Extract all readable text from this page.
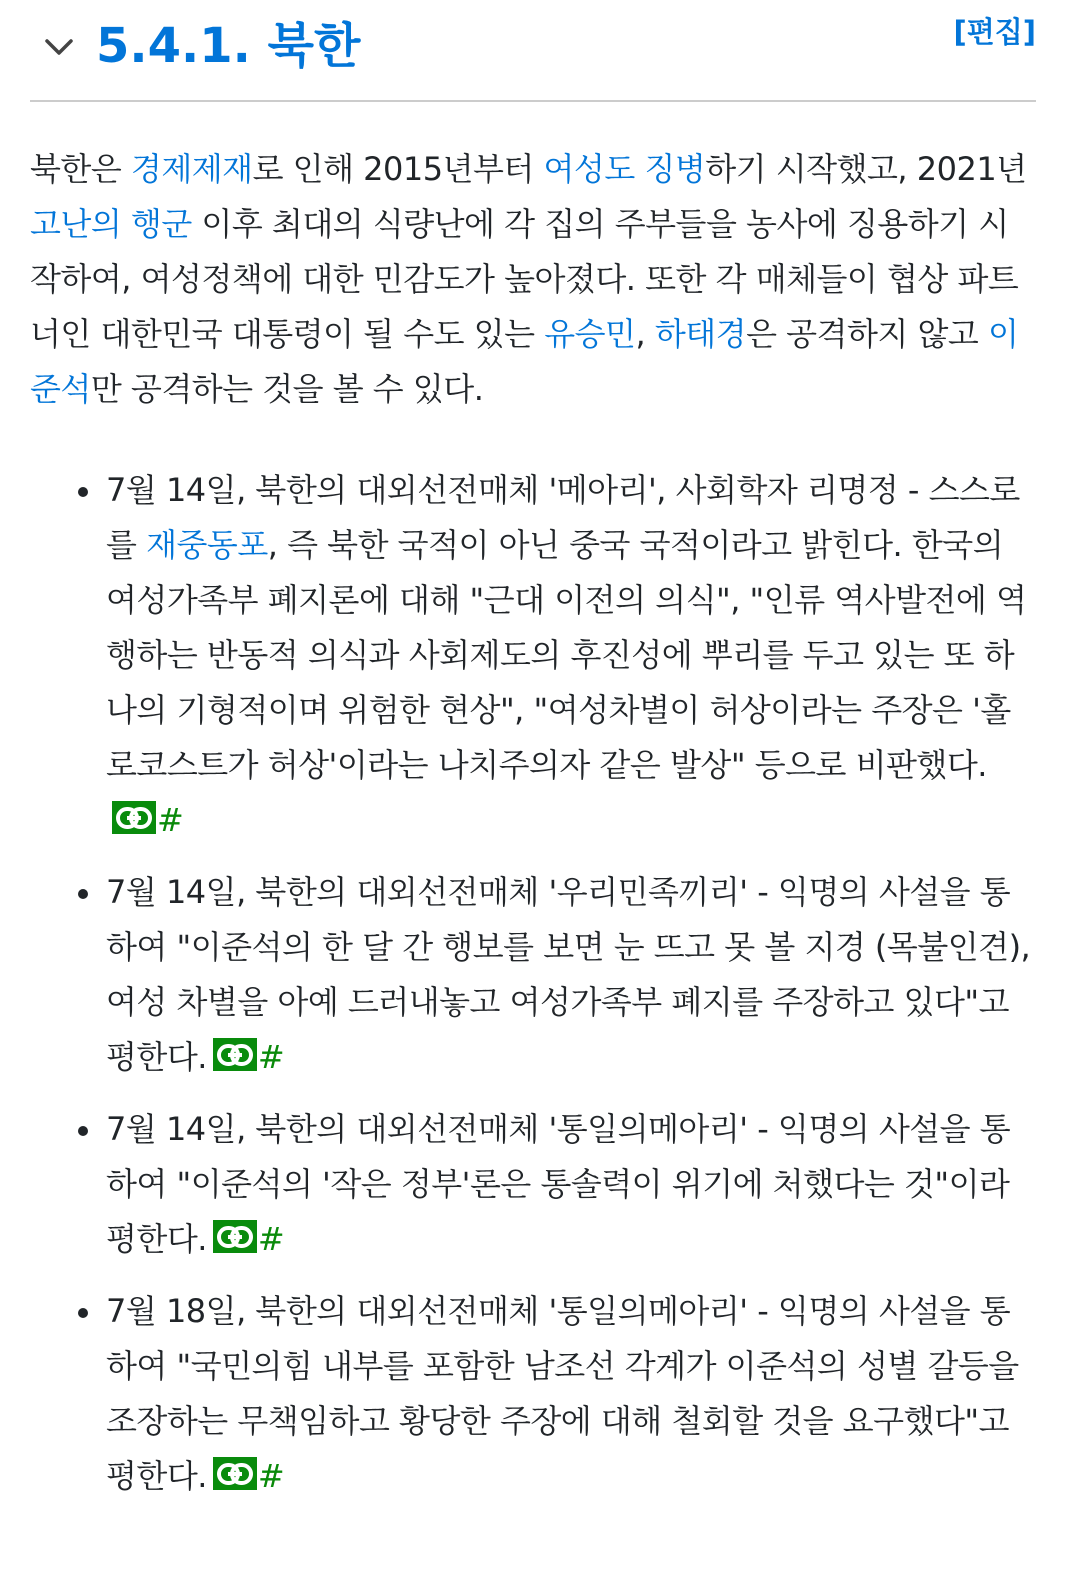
5.4.1. 북한	[편집]

북한은 경제제재로 인해 2015년부터 여성도 징병하기 시작했고, 2021년 고난의 행군 이후 최대의 식량난에 각 집의 주부들을 농사에 징용하기 시작하여, 여성정책에 대한 민감도가 높아졌다. 또한 각 매체들이 협상 파트너인 대한민국 대통령이 될 수도 있는 유승민, 하태경은 공격하지 않고 이준석만 공격하는 것을 볼 수 있다.

7월 14일, 북한의 대외선전매체 '메아리', 사회학자 리명정 - 스스로를 재중동포, 즉 북한 국적이 아닌 중국 국적이라고 밝힌다. 한국의 여성가족부 폐지론에 대해 "근대 이전의 의식", "인류 역사발전에 역행하는 반동적 의식과 사회제도의 후진성에 뿌리를 두고 있는 또 하나의 기형적이며 위험한 현상", "여성차별이 허상이라는 주장은 '홀로코스트가 허상'이라는 나치주의자 같은 발상" 등으로 비판했다.
#
7월 14일, 북한의 대외선전매체 '우리민족끼리' - 익명의 사설을 통하여 "이준석의 한 달 간 행보를 보면 눈 뜨고 못 볼 지경 (목불인견), 여성 차별을 아예 드러내놓고 여성가족부 폐지를 주장하고 있다"고 평한다. #
7월 14일, 북한의 대외선전매체 '통일의메아리' - 익명의 사설을 통하여 "이준석의 '작은 정부'론은 통솔력이 위기에 처했다는 것"이라 평한다. #
7월 18일, 북한의 대외선전매체 '통일의메아리' - 익명의 사설을 통하여 "국민의힘 내부를 포함한 남조선 각계가 이준석의 성별 갈등을 조장하는 무책임하고 황당한 주장에 대해 철회할 것을 요구했다"고 평한다. #
